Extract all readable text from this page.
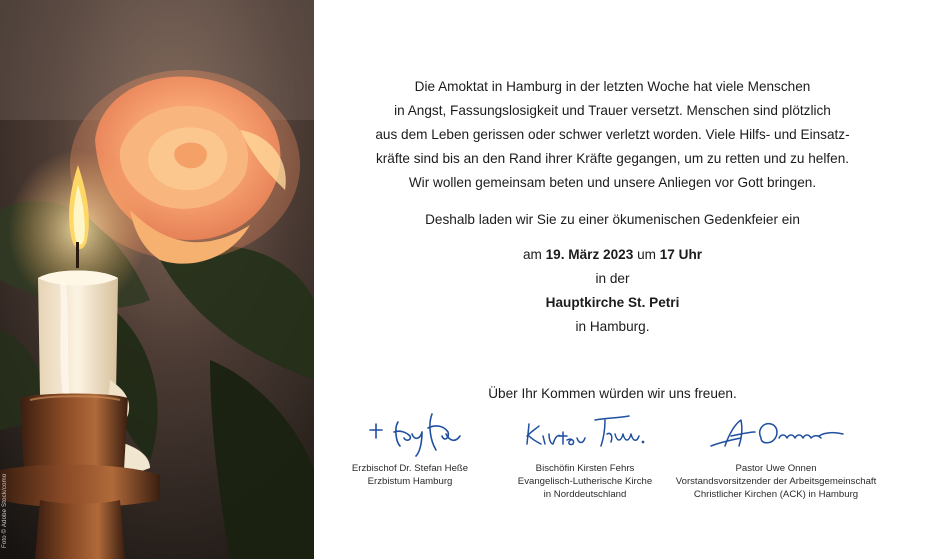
Foto © Adobe Stock/como

Die Amoktat in Hamburg in der letzten Woche hat viele Menschen

in Angst, Fassungslosigkeit und Trauer versetzt. Menschen sind plötzlich

aus dem Leben gerissen oder schwer verletzt worden. Viele Hilfs- und Einsatz-

kräfte sind bis an den Rand ihrer Kräfte gegangen, um zu retten und zu helfen.

Wir wollen gemeinsam beten und unsere Anliegen vor Gott bringen.

Deshalb laden wir Sie zu einer ökumenischen Gedenkfeier ein

am 19. März 2023 um 17 Uhr

in der

Hauptkirche St. Petri

in Hamburg.

Über Ihr Kommen würden wir uns freuen.

Erzbischof Dr. Stefan Heße
Erzbistum Hamburg
Bischöfin Kirsten Fehrs
Evangelisch-Lutherische Kirche
in Norddeutschland
Pastor Uwe Onnen
Vorstandsvorsitzender der Arbeitsgemeinschaft
Christlicher Kirchen (ACK) in Hamburg
